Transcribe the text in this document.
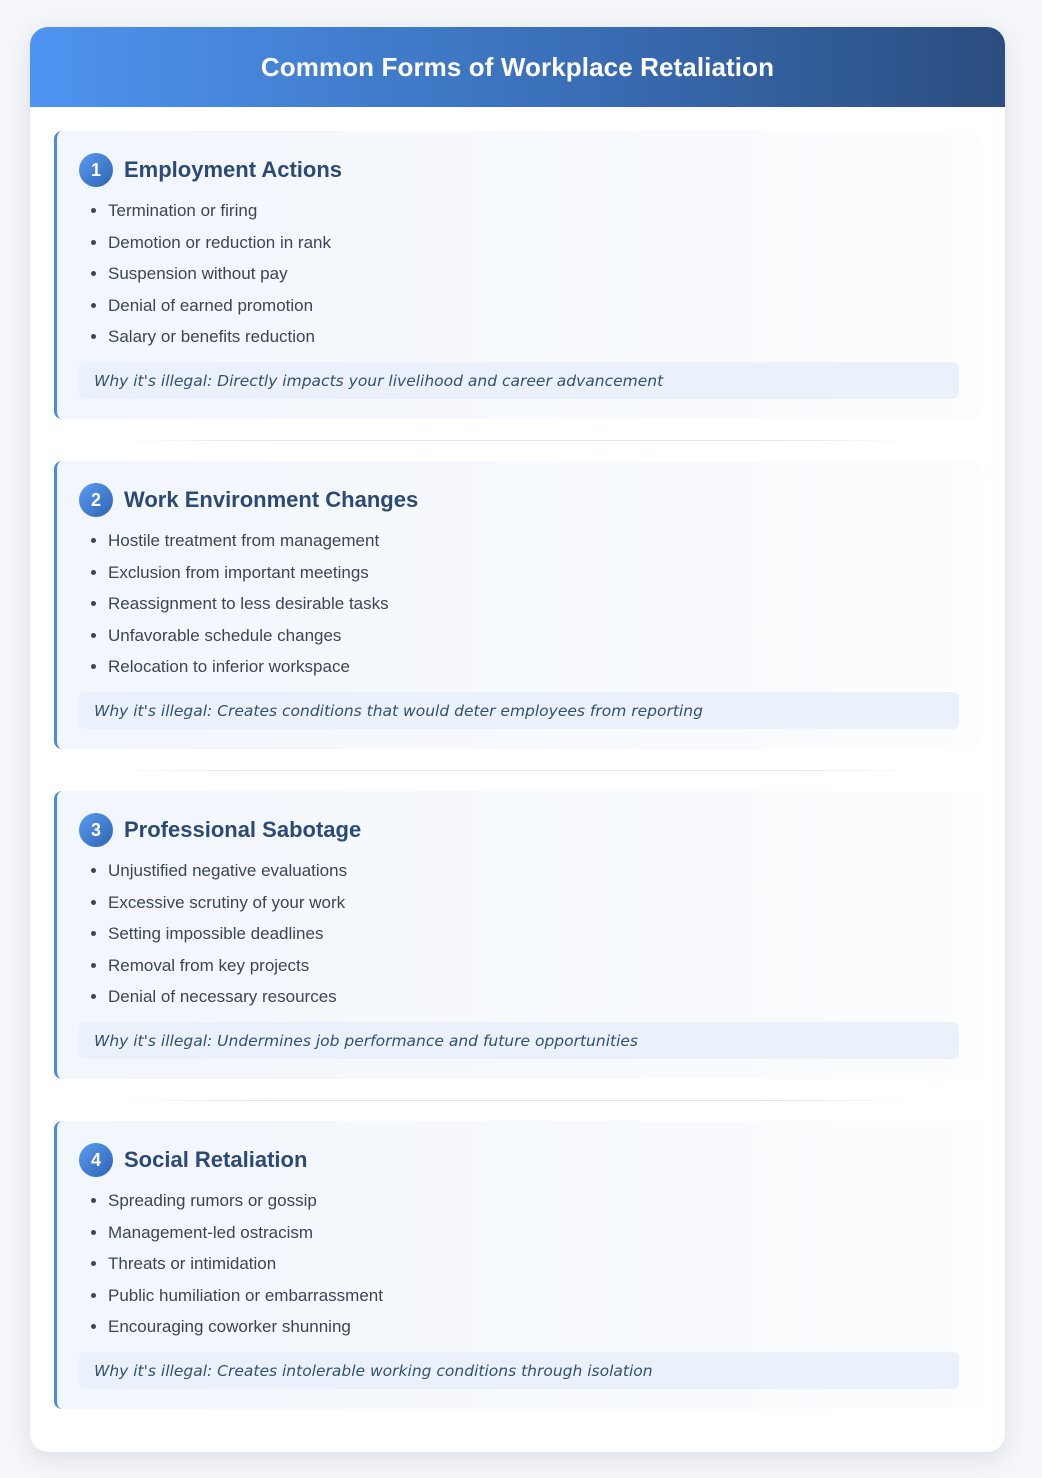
Common Forms of Workplace Retaliation
1	Employment Actions
Termination or firing
Demotion or reduction in rank
Suspension without pay
Denial of earned promotion
Salary or benefits reduction
Why it's illegal: Directly impacts your livelihood and career advancement
2	Work Environment Changes
Hostile treatment from management
Exclusion from important meetings
Reassignment to less desirable tasks
Unfavorable schedule changes
Relocation to inferior workspace
Why it's illegal: Creates conditions that would deter employees from reporting
3	Professional Sabotage
Unjustified negative evaluations
Excessive scrutiny of your work
Setting impossible deadlines
Removal from key projects
Denial of necessary resources
Why it's illegal: Undermines job performance and future opportunities
4	Social Retaliation
Spreading rumors or gossip
Management-led ostracism
Threats or intimidation
Public humiliation or embarrassment
Encouraging coworker shunning
Why it's illegal: Creates intolerable working conditions through isolation
